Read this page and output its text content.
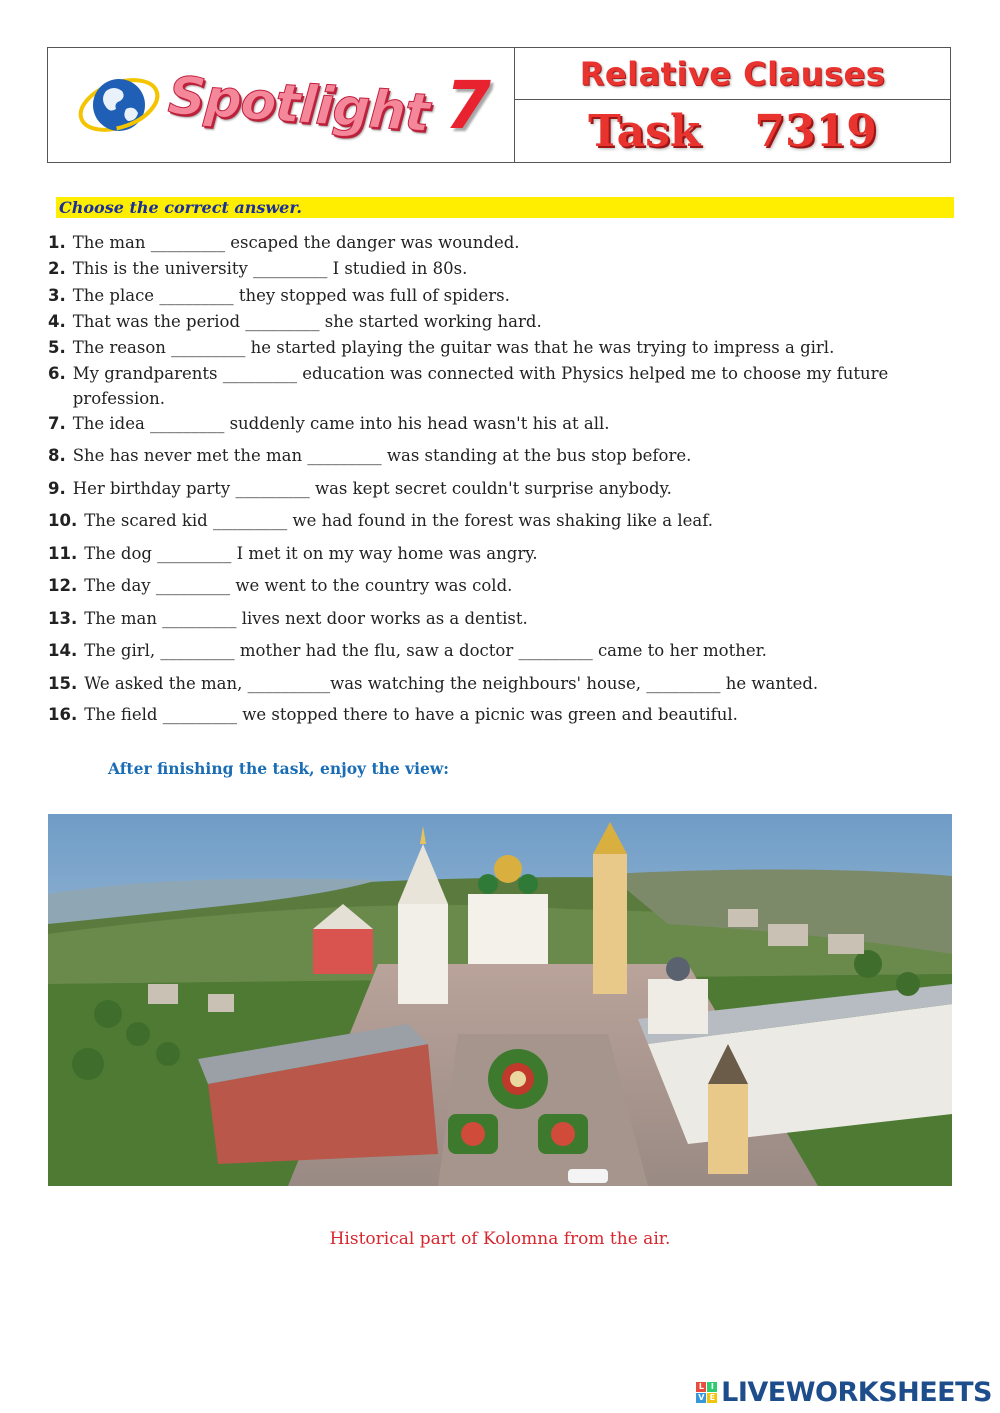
Spotlight 7	Relative Clauses
Task 7319
Choose the correct answer.
1. The man _________ escaped the danger was wounded.
2. This is the university _________ I studied in 80s.
3. The place _________ they stopped was full of spiders.
4. That was the period _________ she started working hard.
5. The reason _________ he started playing the guitar was that he was trying to impress a girl.
6. My grandparents _________ education was connected with Physics helped me to choose my future profession.
7. The idea _________ suddenly came into his head wasn't his at all.
8. She has never met the man _________ was standing at the bus stop before.
9. Her birthday party _________ was kept secret couldn't surprise anybody.
10. The scared kid _________ we had found in the forest was shaking like a leaf.
11. The dog _________ I met it on my way home was angry.
12. The day _________ we went to the country was cold.
13. The man _________ lives next door works as a dentist.
14. The girl, _________ mother had the flu, saw a doctor _________ came to her mother.
15. We asked the man, __________was watching the neighbours' house, _________ he wanted.
16. The field _________ we stopped there to have a picnic was green and beautiful.
After finishing the task, enjoy the view:
Historical part of Kolomna from the air.
L I
V E LIVEWORKSHEETS
